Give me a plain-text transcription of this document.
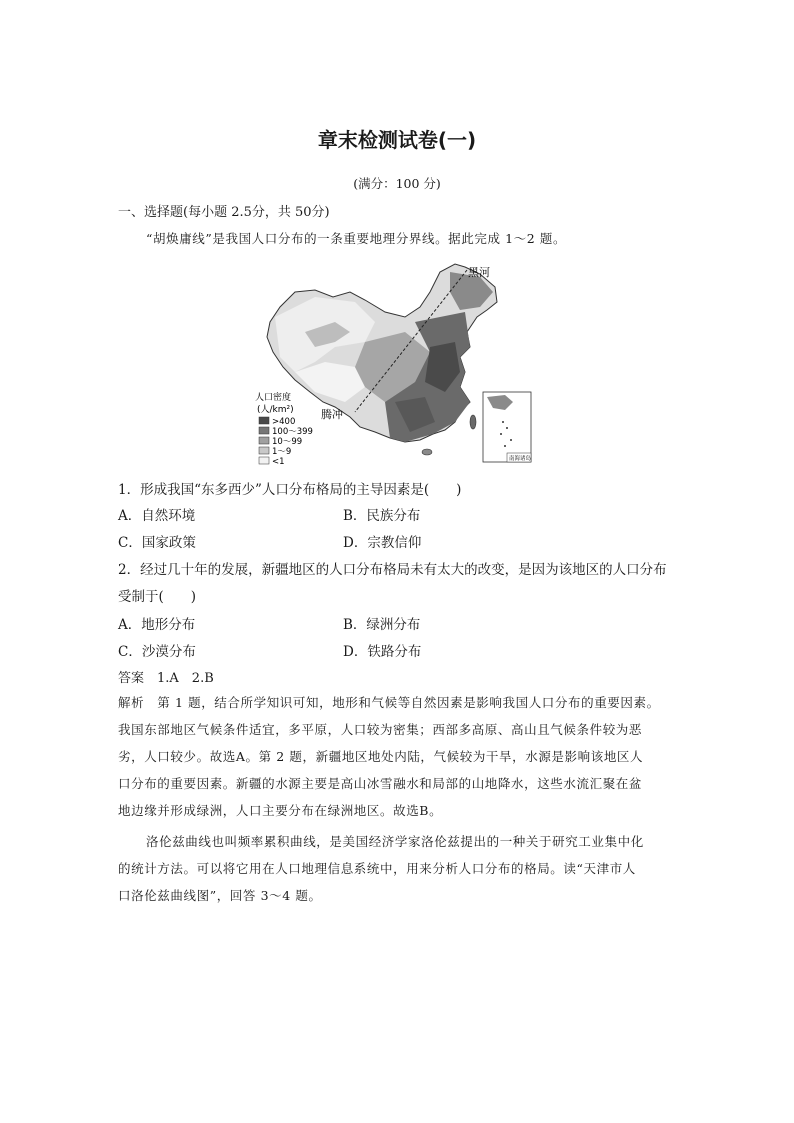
章末检测试卷(一)
(满分：100 分)
一、选择题(每小题 2.5分，共 50分)
“胡焕庸线”是我国人口分布的一条重要地理分界线。据此完成 1～2 题。
黑河
腾冲
人口密度
(人/km²)
>400
100～399
10～99
1～9
<1	南海诸岛
1．形成我国“东多西少”人口分布格局的主导因素是(　　)
A．自然环境	B．民族分布
C．国家政策	D．宗教信仰
2．经过几十年的发展，新疆地区的人口分布格局未有太大的改变，是因为该地区的人口分布
受制于(　　)
A．地形分布	B．绿洲分布
C．沙漠分布	D．铁路分布
答案　1.A　2.B
解析　第 1 题，结合所学知识可知，地形和气候等自然因素是影响我国人口分布的重要因素。
我国东部地区气候条件适宜，多平原，人口较为密集；西部多高原、高山且气候条件较为恶
劣，人口较少。故选A。第 2 题，新疆地区地处内陆，气候较为干旱，水源是影响该地区人
口分布的重要因素。新疆的水源主要是高山冰雪融水和局部的山地降水，这些水流汇聚在盆
地边缘并形成绿洲，人口主要分布在绿洲地区。故选B。
洛伦兹曲线也叫频率累积曲线，是美国经济学家洛伦兹提出的一种关于研究工业集中化
的统计方法。可以将它用在人口地理信息系统中，用来分析人口分布的格局。读“天津市人
口洛伦兹曲线图”，回答 3～4 题。
